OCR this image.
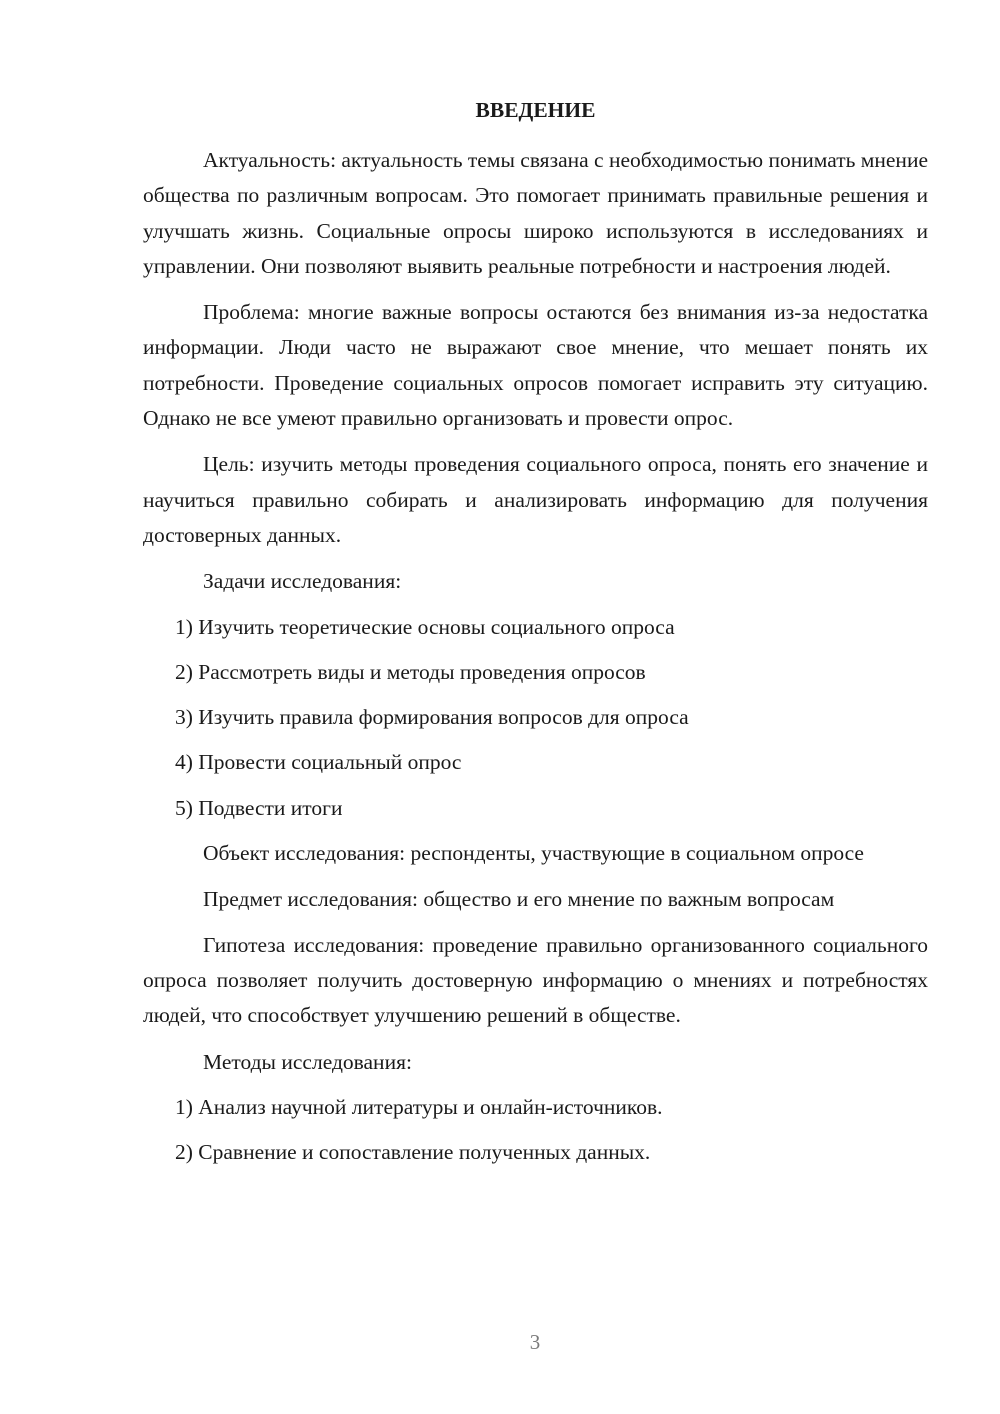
ВВЕДЕНИЕ
Актуальность: актуальность темы связана с необходимостью понимать мнение общества по различным вопросам. Это помогает принимать правильные решения и улучшать жизнь. Социальные опросы широко используются в исследованиях и управлении. Они позволяют выявить реальные потребности и настроения людей.
Проблема: многие важные вопросы остаются без внимания из-за недостатка информации. Люди часто не выражают свое мнение, что мешает понять их потребности. Проведение социальных опросов помогает исправить эту ситуацию. Однако не все умеют правильно организовать и провести опрос.
Цель: изучить методы проведения социального опроса, понять его значение и научиться правильно собирать и анализировать информацию для получения достоверных данных.
Задачи исследования:
1) Изучить теоретические основы социального опроса
2) Рассмотреть виды и методы проведения опросов
3) Изучить правила формирования вопросов для опроса
4) Провести социальный опрос
5) Подвести итоги
Объект исследования: респонденты, участвующие в социальном опросе
Предмет исследования: общество и его мнение по важным вопросам
Гипотеза исследования: проведение правильно организованного социального опроса позволяет получить достоверную информацию о мнениях и потребностях людей, что способствует улучшению решений в обществе.
Методы исследования:
1) Анализ научной литературы и онлайн-источников.
2) Сравнение и сопоставление полученных данных.
3
